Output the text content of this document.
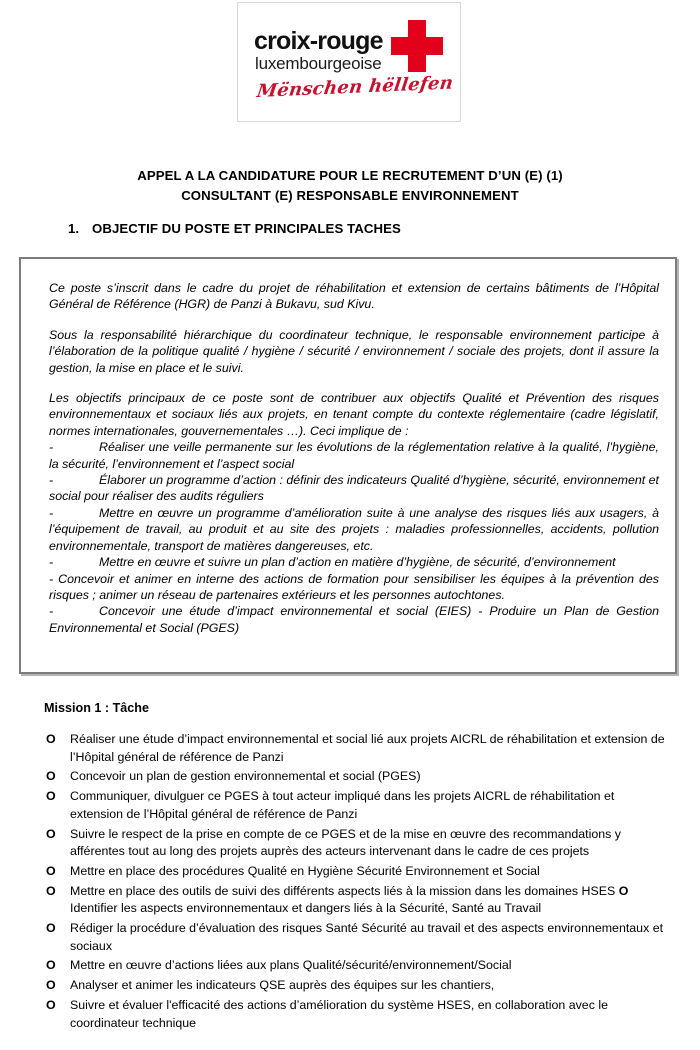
croix-rouge
luxembourgeoise
Mënschen hëllefen
APPEL A LA CANDIDATURE POUR LE RECRUTEMENT D’UN (E) (1)
CONSULTANT (E) RESPONSABLE ENVIRONNEMENT
1. OBJECTIF DU POSTE ET PRINCIPALES TACHES

Ce poste s’inscrit dans le cadre du projet de réhabilitation et extension de certains bâtiments de l’Hôpital Général de Référence (HGR) de Panzi à Bukavu, sud Kivu.

Sous la responsabilité hiérarchique du coordinateur technique, le responsable environnement participe à l’élaboration de la politique qualité / hygiène / sécurité / environnement / sociale des projets, dont il assure la gestion, la mise en place et le suivi.

Les objectifs principaux de ce poste sont de contribuer aux objectifs Qualité et Prévention des risques environnementaux et sociaux liés aux projets, en tenant compte du contexte réglementaire (cadre législatif, normes internationales, gouvernementales …). Ceci implique de :

-	Réaliser une veille permanente sur les évolutions de la réglementation relative à la qualité, l’hygiène, la sécurité, l’environnement et l’aspect social

-	Élaborer un programme d’action : définir des indicateurs Qualité d’hygiène, sécurité, environnement et social pour réaliser des audits réguliers

-	Mettre en œuvre un programme d’amélioration suite à une analyse des risques liés aux usagers, à l’équipement de travail, au produit et au site des projets : maladies professionnelles, accidents, pollution environnementale, transport de matières dangereuses, etc.

-	Mettre en œuvre et suivre un plan d’action en matière d’hygiène, de sécurité, d’environnement

- Concevoir et animer en interne des actions de formation pour sensibiliser les équipes à la prévention des risques ; animer un réseau de partenaires extérieurs et les personnes autochtones.

-	Concevoir une étude d’impact environnemental et social (EIES) - Produire un Plan de Gestion Environnemental et Social (PGES)

Mission 1 : Tâche
O	Réaliser une étude d’impact environnemental et social lié aux projets AICRL de réhabilitation et extension de l’Hôpital général de référence de Panzi
O	Concevoir un plan de gestion environnemental et social (PGES)
O	Communiquer, divulguer ce PGES à tout acteur impliqué dans les projets AICRL de réhabilitation et extension de l’Hôpital général de référence de Panzi
O	Suivre le respect de la prise en compte de ce PGES et de la mise en œuvre des recommandations y afférentes tout au long des projets auprès des acteurs intervenant dans le cadre de ces projets
O	Mettre en place des procédures Qualité en Hygiène Sécurité Environnement et Social
O	Mettre en place des outils de suivi des différents aspects liés à la mission dans les domaines HSES O Identifier les aspects environnementaux et dangers liés à la Sécurité, Santé au Travail
O	Rédiger la procédure d’évaluation des risques Santé Sécurité au travail et des aspects environnementaux et sociaux
O	Mettre en œuvre d’actions liées aux plans Qualité/sécurité/environnement/Social
O	Analyser et animer les indicateurs QSE auprès des équipes sur les chantiers,
O	Suivre et évaluer l'efficacité des actions d’amélioration du système HSES, en collaboration avec le coordinateur technique
